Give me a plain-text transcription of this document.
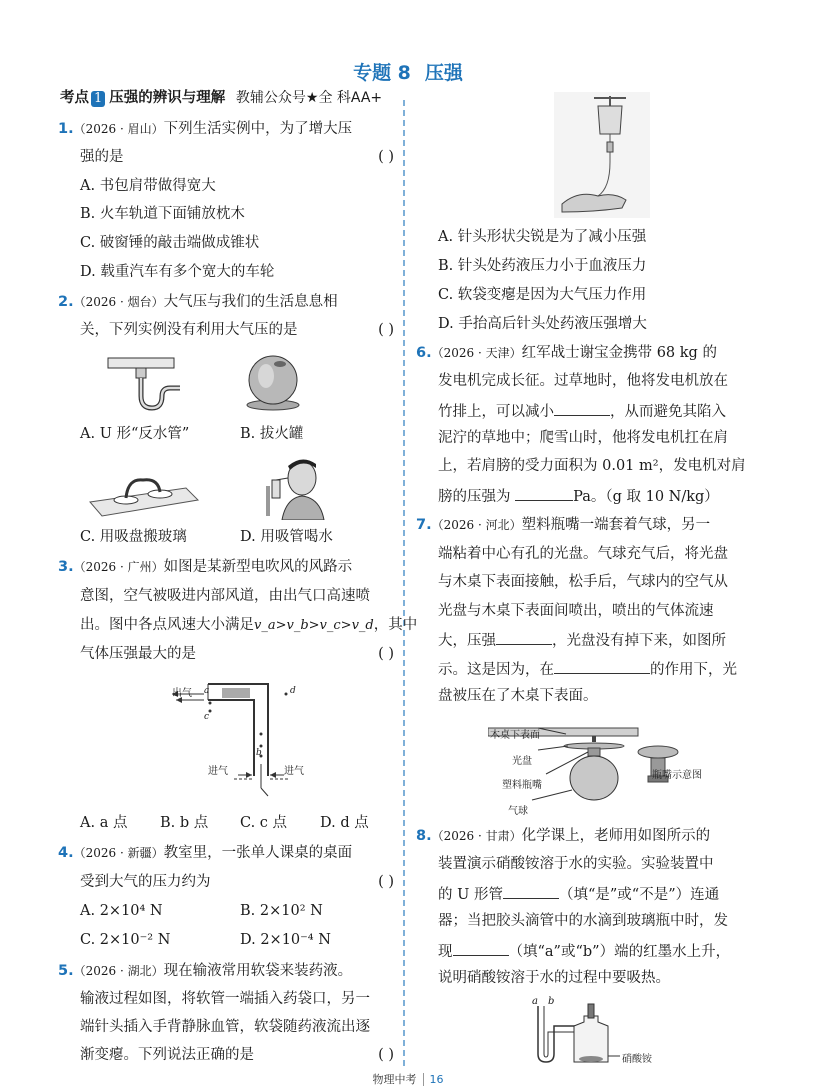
专题 8 压强
考点 1 压强的辨识与理解 教辅公众号★全 科AA+
1.（2026 · 眉山）下列生活实例中，为了增大压
强的是	( )
A. 书包肩带做得宽大
B. 火车轨道下面铺放枕木
C. 破窗锤的敲击端做成锥状
D. 载重汽车有多个宽大的车轮
2.（2026 · 烟台）大气压与我们的生活息息相
关，下列实例没有利用大气压的是	( )
A. U 形“反水管”	B. 拔火罐
C. 用吸盘搬玻璃	D. 用吸管喝水
3.（2026 · 广州）如图是某新型电吹风的风路示
意图，空气被吸进内部风道，由出气口高速喷
出。图中各点风速大小满足v_a>v_b>v_c>v_d，其中
气体压强最大的是	( )
出气 a
c
d
b
进气	进气
A. a 点 B. b 点 C. c 点 D. d 点
4.（2026 · 新疆）教室里，一张单人课桌的桌面
受到大气的压力约为	( )
A. 2×10⁴ N	B. 2×10² N
C. 2×10⁻² N	D. 2×10⁻⁴ N
5.（2026 · 湖北）现在输液常用软袋来装药液。
输液过程如图，将软管一端插入药袋口，另一
端针头插入手背静脉血管，软袋随药液流出逐
渐变瘪。下列说法正确的是	( )
A. 针头形状尖锐是为了减小压强
B. 针头处药液压力小于血液压力
C. 软袋变瘪是因为大气压力作用
D. 手抬高后针头处药液压强增大
6.（2026 · 天津）红军战士谢宝金携带 68 kg 的
发电机完成长征。过草地时，他将发电机放在
竹排上，可以减小	，从而避免其陷入
泥泞的草地中；爬雪山时，他将发电机扛在肩
上，若肩膀的受力面积为 0.01 m²，发电机对肩
膀的压强为	Pa。（g 取 10 N/kg）
7.（2026 · 河北）塑料瓶嘴一端套着气球，另一
端粘着中心有孔的光盘。气球充气后，将光盘
与木桌下表面接触，松手后，气球内的空气从
光盘与木桌下表面间喷出，喷出的气体流速
大，压强	，光盘没有掉下来，如图所
示。这是因为，在	的作用下，光
盘被压在了木桌下表面。
木桌下表面
光盘
塑料瓶嘴
气球
瓶嘴示意图
8.（2026 · 甘肃）化学课上，老师用如图所示的
装置演示硝酸铵溶于水的实验。实验装置中
的 U 形管	（填“是”或“不是”）连通
器；当把胶头滴管中的水滴到玻璃瓶中时，发
现	（填“a”或“b”）端的红墨水上升，
说明硝酸铵溶于水的过程中要吸热。
a b
硝酸铵
物理中考 16
